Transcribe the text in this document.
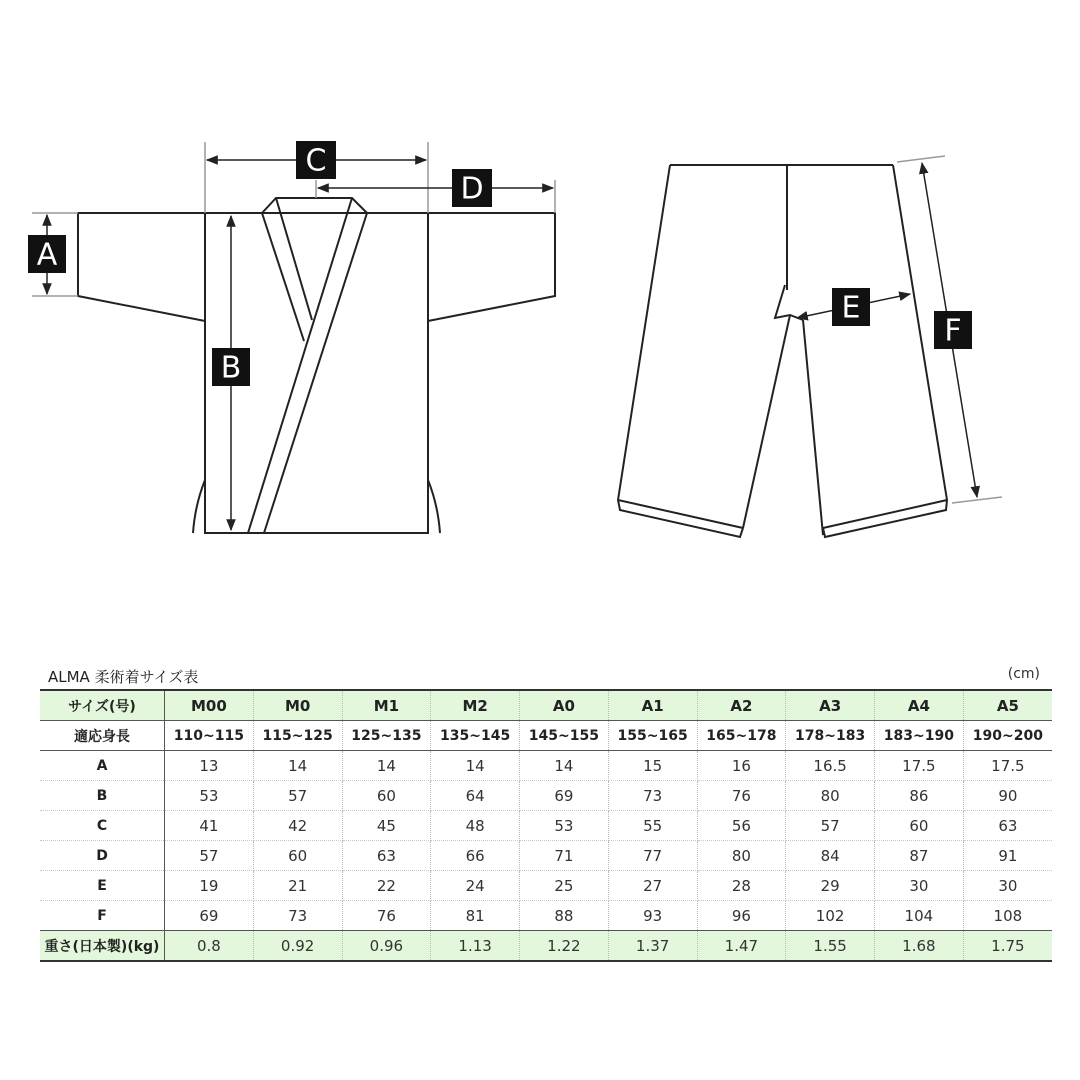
A
B
C
D
E
F
ALMA 柔術着サイズ表	(cm)
サイズ(号)	M00	M0	M1	M2	A0	A1	A2	A3	A4	A5
適応身長	110~115	115~125	125~135	135~145	145~155	155~165	165~178	178~183	183~190	190~200
A	13	14	14	14	14	15	16	16.5	17.5	17.5
B	53	57	60	64	69	73	76	80	86	90
C	41	42	45	48	53	55	56	57	60	63
D	57	60	63	66	71	77	80	84	87	91
E	19	21	22	24	25	27	28	29	30	30
F	69	73	76	81	88	93	96	102	104	108
重さ(日本製)(kg)	0.8	0.92	0.96	1.13	1.22	1.37	1.47	1.55	1.68	1.75
